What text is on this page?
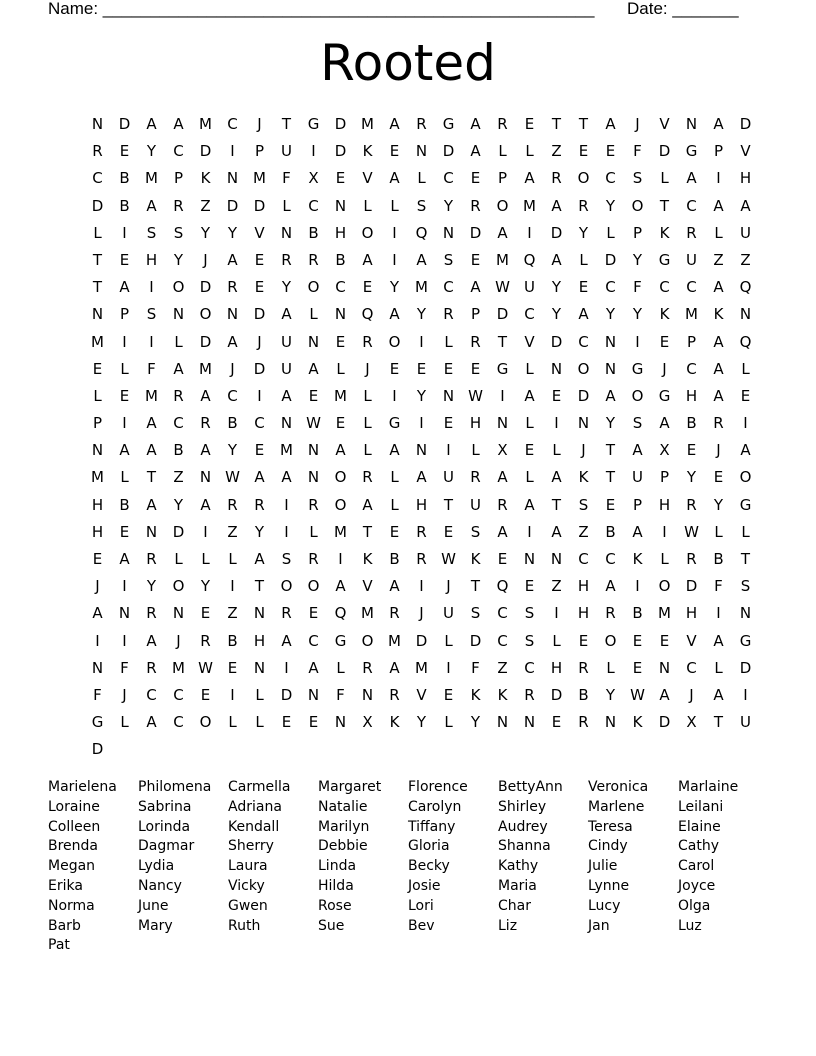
Name: ____________________________________________________ Date: _______
Rooted
N	D	A	A	M	C	J	T	G	D M	A	R	G	A	R	E	T	T	A	J	V	N	A	D
R	E	Y	C	D	I	P	U	I	D	K	E	N	D	A	L	L	Z	E	E	F	D	G	P	V
C	B	M	P	K	N M	F	X	E	V	A	L	C	E	P	A	R	O	C	S	L	A	I	H
D	B	A	R	Z	D	D	L	C	N	L	L	S	Y	R	O M	A	R	Y	O	T	C	A	A
L	I	S	S	Y	Y	V	N	B	H	O	I	Q	N	D	A	I	D	Y	L	P	K	R	L	U
T	E	H	Y	J	A	E	R	R	B	A	I	A	S	E	M Q	A	L	D	Y	G	U	Z	Z
T	A	I	O	D	R	E	Y	O	C	E	Y	M	C	A W U	Y	E	C	F	C	C	A	Q
N	P	S	N	O	N	D	A	L	N	Q	A	Y	R	P	D	C	Y	A	Y	Y	K	M	K	N
M	I	I	L	D	A	J	U	N	E	R	O	I	L	R	T	V	D	C	N	I	E	P	A	Q
E	L	F	A	M	J	D	U	A	L	J	E	E	E	E	G	L	N	O	N	G	J	C	A	L
L	E	M	R	A	C	I	A	E	M	L	I	Y	N W	I	A	E	D	A	O	G	H	A	E
P	I	A	C	R	B	C	N W E	L	G	I	E	H	N	L	I	N	Y	S	A	B	R	I
N	A	A	B	A	Y	E	M N	A	L	A	N	I	L	X	E	L	J	T	A	X	E	J	A
M	L	T	Z	N W A	A	N	O	R	L	A	U	R	A	L	A	K	T	U	P	Y	E	O
H	B	A	Y	A	R	R	I	R	O	A	L	H	T	U	R	A	T	S	E	P	H	R	Y	G
H	E	N	D	I	Z	Y	I	L	M	T	E	R	E	S	A	I	A	Z	B	A	I	W	L	L
E	A	R	L	L	L	A	S	R	I	K	B	R W K	E	N	N	C	C	K	L	R	B	T
J	I	Y	O	Y	I	T	O	O	A	V	A	I	J	T	Q	E	Z	H	A	I	O	D	F	S
A	N	R	N	E	Z	N	R	E	Q M	R	J	U	S	C	S	I	H	R	B	M H	I	N
I	I	A	J	R	B	H	A	C	G	O M D	L	D	C	S	L	E	O	E	E	V	A	G
N	F	R	M W E	N	I	A	L	R	A	M	I	F	Z	C	H	R	L	E	N	C	L	D
F	J	C	C	E	I	L	D	N	F	N	R	V	E	K	K	R	D	B	Y	W A	J	A	I
G	L	A	C	O	L	L	E	E	N	X	K	Y	L	Y	N	N	E	R	N	K	D	X	T	U
D
Marielena	Philomena	Carmella	Margaret	Florence	BettyAnn	Veronica	Marlaine
Loraine	Sabrina	Adriana	Natalie	Carolyn	Shirley	Marlene	Leilani
Colleen	Lorinda	Kendall	Marilyn	Tiffany	Audrey	Teresa	Elaine
Brenda	Dagmar	Sherry	Debbie	Gloria	Shanna	Cindy	Cathy
Megan	Lydia	Laura	Linda	Becky	Kathy	Julie	Carol
Erika	Nancy	Vicky	Hilda	Josie	Maria	Lynne	Joyce
Norma	June	Gwen	Rose	Lori	Char	Lucy	Olga
Barb	Mary	Ruth	Sue	Bev	Liz	Jan	Luz
Pat
